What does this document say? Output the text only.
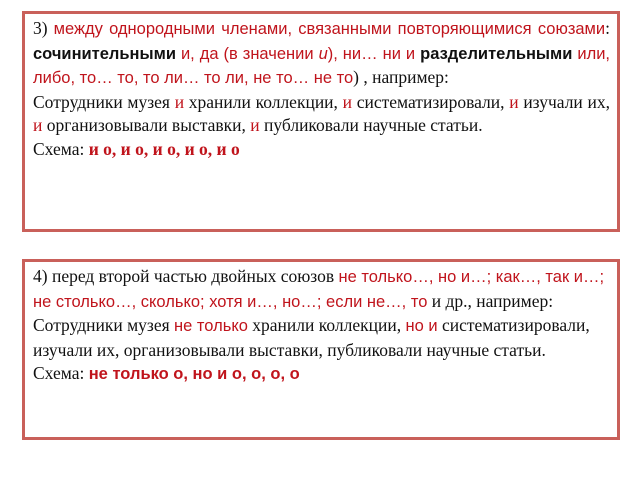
3) между однородными членами, связанными повторяющимися союзами: сочинительными и, да (в значении и), ни… ни и разделительными или, либо, то… то, то ли… то ли, не то… не то) , например:
Сотрудники музея и хранили коллекции, и систематизировали, и изучали их, и организовывали выставки, и публиковали научные статьи.
Схема: и о, и о, и о, и о, и о
4) перед второй частью двойных союзов не только…, но и…; как…, так и…; не столько…, сколько; хотя и…, но…; если не…, то и др., например:
Сотрудники музея не только хранили коллекции, но и систематизировали, изучали их, организовывали выставки, публиковали научные статьи.
Схема: не только о, но и о, о, о, о
